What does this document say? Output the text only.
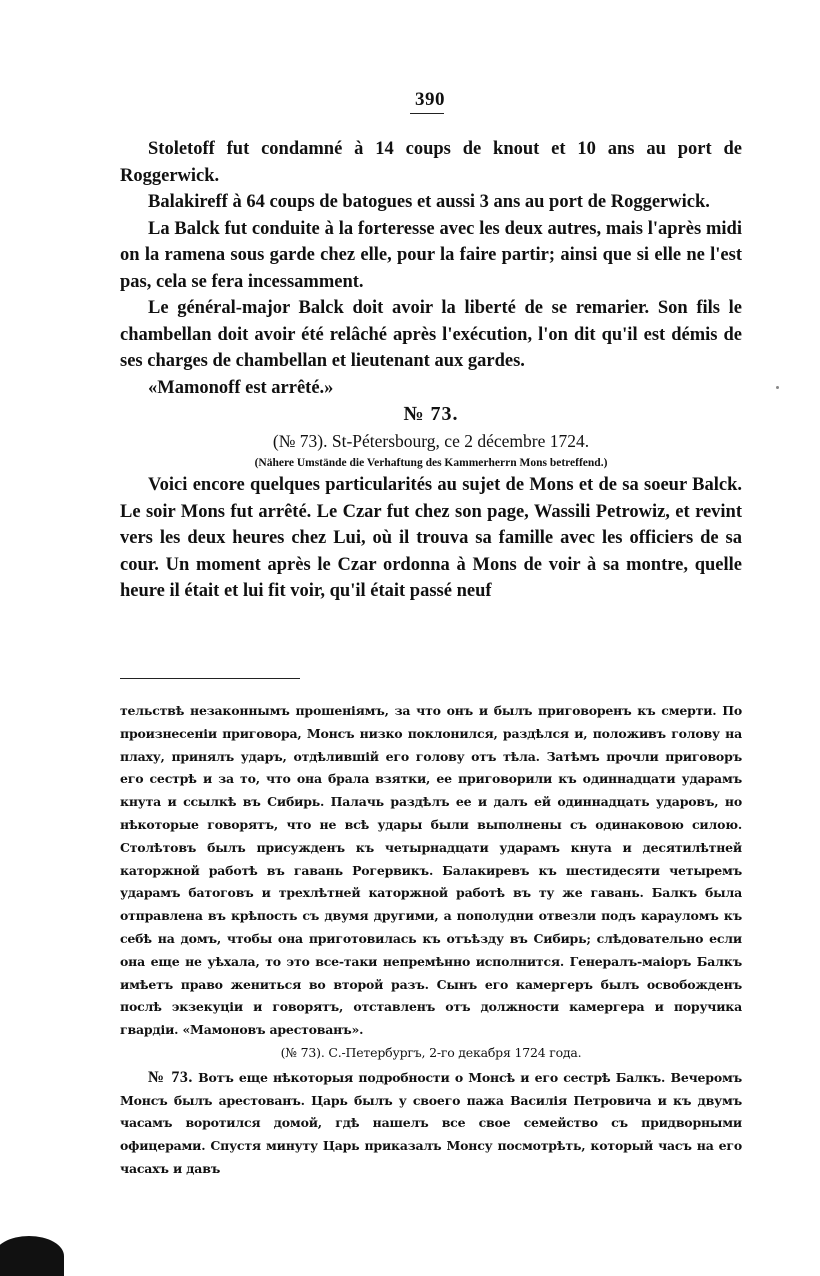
390

Stoletoff fut condamné à 14 coups de knout et 10 ans au port de Roggerwick.

Balakireff à 64 coups de batogues et aussi 3 ans au port de Roggerwick.

La Balck fut conduite à la forteresse avec les deux autres, mais l'après midi on la ramena sous garde chez elle, pour la faire partir; ainsi que si elle ne l'est pas, cela se fera incessamment.

Le général-major Balck doit avoir la liberté de se remarier. Son fils le chambellan doit avoir été relâché après l'exécution, l'on dit qu'il est démis de ses charges de chambellan et lieutenant aux gardes.

«Mamonoff est arrêté.»

№ 73.

(№ 73). St-Pétersbourg, ce 2 décembre 1724.

(Nähere Umstände die Verhaftung des Kammerherrn Mons betreffend.)

Voici encore quelques particularités au sujet de Mons et de sa soeur Balck. Le soir Mons fut arrêté. Le Czar fut chez son page, Wassili Petrowiz, et revint vers les deux heures chez Lui, où il trouva sa famille avec les officiers de sa cour. Un moment après le Czar ordonna à Mons de voir à sa montre, quelle heure il était et lui fit voir, qu'il était passé neuf

тельствѣ незаконнымъ прошеніямъ, за что онъ и былъ приговоренъ къ смерти. По произнесеніи приговора, Монсъ низко поклонился, раздѣлся и, положивъ голову на плаху, принялъ ударъ, отдѣлившій его голову отъ тѣла. Затѣмъ прочли приговоръ его сестрѣ и за то, что она брала взятки, ее приговорили къ одиннадцати ударамъ кнута и ссылкѣ въ Сибирь. Палачь раздѣлъ ее и далъ ей одиннадцать ударовъ, но нѣкоторые говорятъ, что не всѣ удары были выполнены съ одинаковою силою. Столѣтовъ былъ присужденъ къ четырнадцати ударамъ кнута и десятилѣтней каторжной работѣ въ гавань Рогервикъ. Балакиревъ къ шестидесяти четыремъ ударамъ батоговъ и трехлѣтней каторжной работѣ въ ту же гавань. Балкъ была отправлена въ крѣпость съ двумя другими, а пополудни отвезли подъ карауломъ къ себѣ на домъ, чтобы она приготовилась къ отъѣзду въ Сибирь; слѣдовательно если она еще не уѣхала, то это все-таки непремѣнно исполнится. Генералъ-маіоръ Балкъ имѣетъ право жениться во второй разъ. Сынъ его камергеръ былъ освобожденъ послѣ экзекуціи и говорятъ, отставленъ отъ должности камергера и поручика гвардіи. «Мамоновъ арестованъ».

(№ 73). С.-Петербургъ, 2-го декабря 1724 года.

№ 73. Вотъ еще нѣкоторыя подробности о Монсѣ и его сестрѣ Балкъ. Вечеромъ Монсъ былъ арестованъ. Царь былъ у своего пажа Василія Петровича и къ двумъ часамъ воротился домой, гдѣ нашелъ все свое семейство съ придворными офицерами. Спустя минуту Царь приказалъ Монсу посмотрѣть, который часъ на его часахъ и давъ
